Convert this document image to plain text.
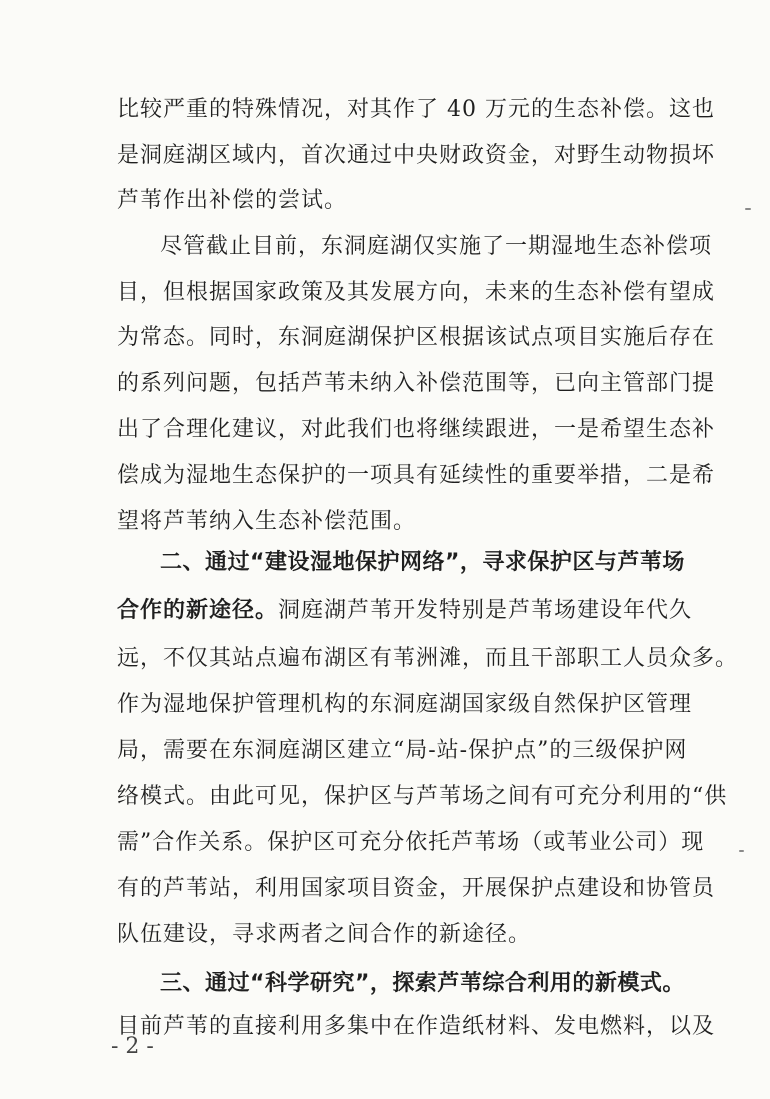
比较严重的特殊情况，对其作了 40 万元的生态补偿。这也
是洞庭湖区域内，首次通过中央财政资金，对野生动物损坏
芦苇作出补偿的尝试。
尽管截止目前，东洞庭湖仅实施了一期湿地生态补偿项
目，但根据国家政策及其发展方向，未来的生态补偿有望成
为常态。同时，东洞庭湖保护区根据该试点项目实施后存在
的系列问题，包括芦苇未纳入补偿范围等，已向主管部门提
出了合理化建议，对此我们也将继续跟进，一是希望生态补
偿成为湿地生态保护的一项具有延续性的重要举措，二是希
望将芦苇纳入生态补偿范围。
二、通过“建设湿地保护网络”，寻求保护区与芦苇场
合作的新途径。洞庭湖芦苇开发特别是芦苇场建设年代久
远，不仅其站点遍布湖区有苇洲滩，而且干部职工人员众多。
作为湿地保护管理机构的东洞庭湖国家级自然保护区管理
局，需要在东洞庭湖区建立“局-站-保护点”的三级保护网
络模式。由此可见，保护区与芦苇场之间有可充分利用的“供
需”合作关系。保护区可充分依托芦苇场（或苇业公司）现
有的芦苇站，利用国家项目资金，开展保护点建设和协管员
队伍建设，寻求两者之间合作的新途径。
三、通过“科学研究”，探索芦苇综合利用的新模式。
目前芦苇的直接利用多集中在作造纸材料、发电燃料，以及
- 2 -
